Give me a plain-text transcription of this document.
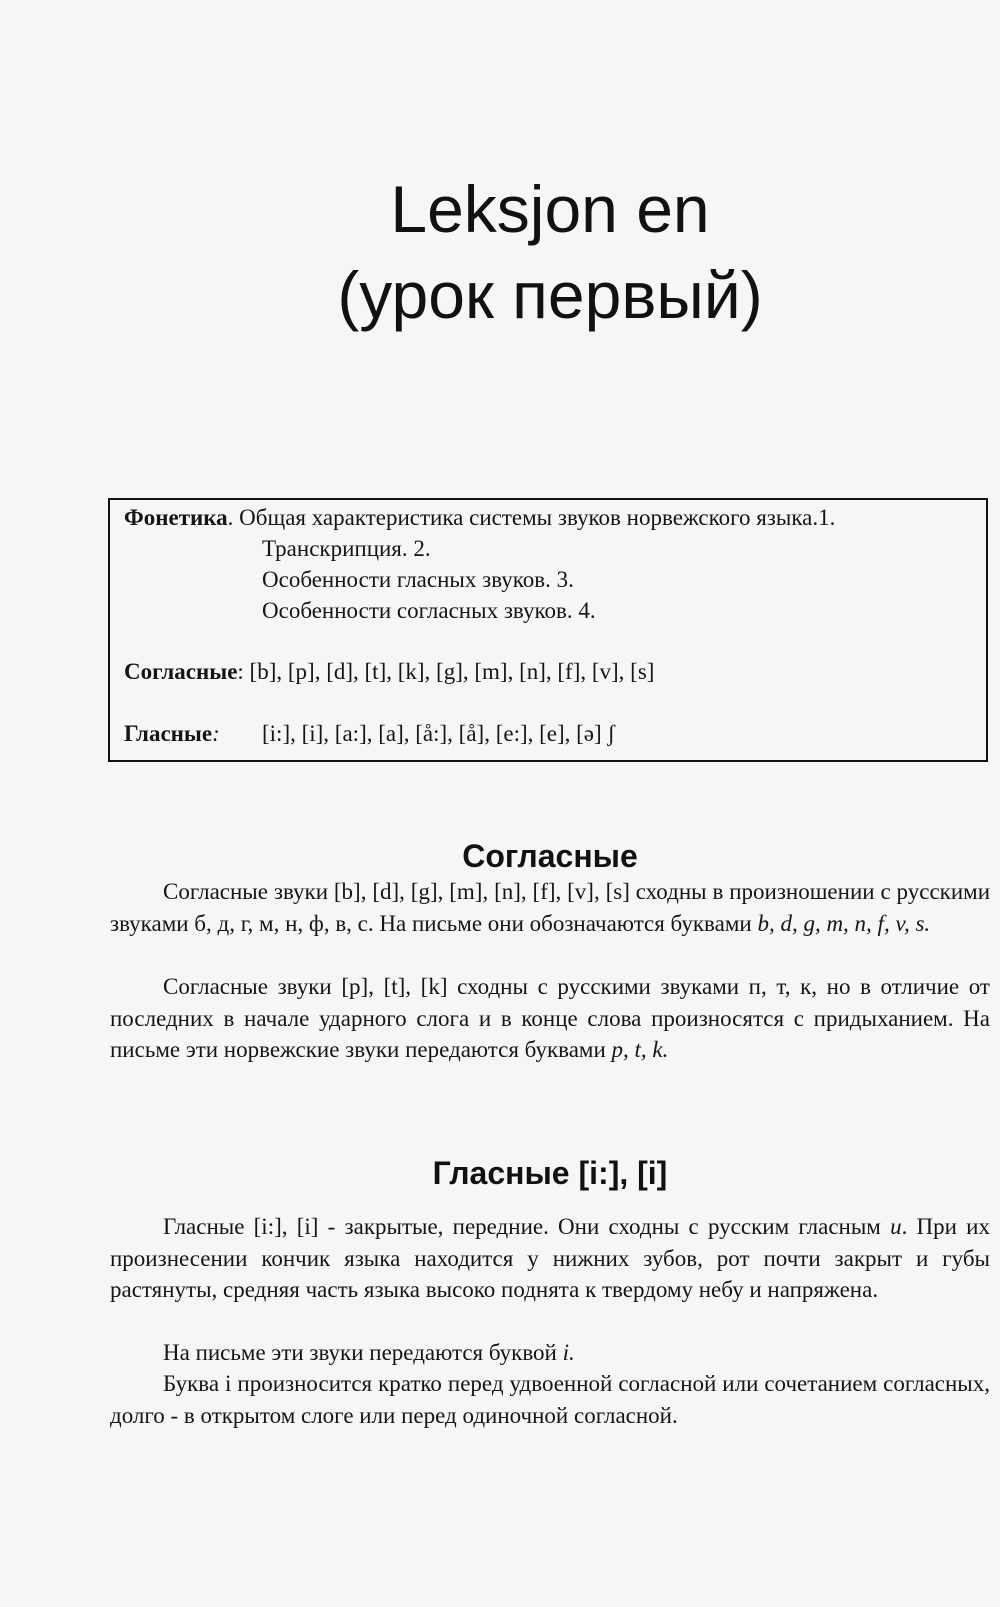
Leksjon en
(урок первый)
Фонетика. Общая характеристика системы звуков норвежского языка.1.
Транскрипция. 2.
Особенности гласных звуков. 3.
Особенности согласных звуков. 4.
Согласные: [b], [p], [d], [t], [k], [g], [m], [n], [f], [v], [s]
Гласные: [i:], [i], [a:], [a], [å:], [å], [e:], [e], [ə] ʃ
Согласные

Согласные звуки [b], [d], [g], [m], [n], [f], [v], [s] сходны в произношении с русскими звуками б, д, г, м, н, ф, в, с. На письме они обозначаются буквами b, d, g, m, n, f, v, s.

Согласные звуки [p], [t], [k] сходны с русскими звуками п, т, к, но в отличие от последних в начале ударного слога и в конце слова произносятся с придыханием. На письме эти норвежские звуки передаются буквами p, t, k.

Гласные [i:], [i]

Гласные [i:], [i] - закрытые, передние. Они сходны с русским гласным и. При их произнесении кончик языка находится у нижних зубов, рот почти закрыт и губы растянуты, средняя часть языка высоко поднята к твердому небу и напряжена.

На письме эти звуки передаются буквой i.

Буква i произносится кратко перед удвоенной согласной или сочетанием согласных, долго - в открытом слоге или перед одиночной согласной.
